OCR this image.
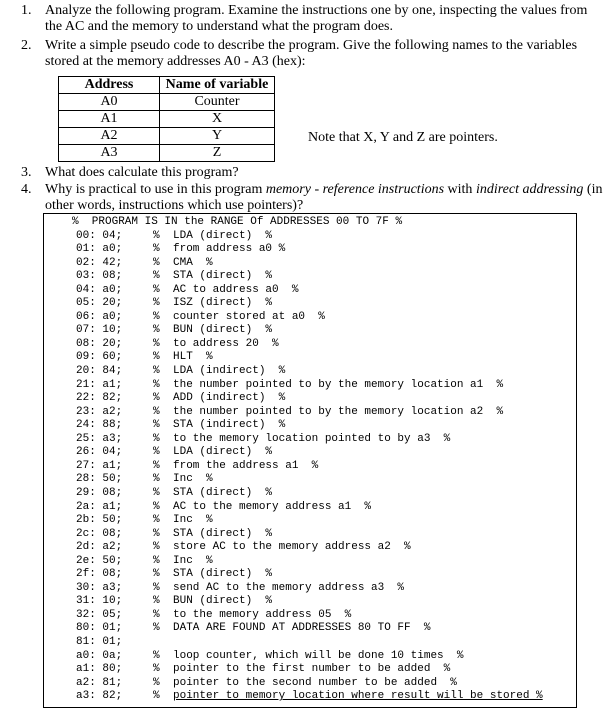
1. Analyze the following program. Examine the instructions one by one, inspecting the values from the AC and the memory to understand what the program does.
2. Write a simple pseudo code to describe the program. Give the following names to the variables stored at the memory addresses A0 - A3 (hex):
Address	Name of variable
A0	Counter
A1	X
A2	Y
A3	Z
Note that X, Y and Z are pointers.
3. What does calculate this program?
4. Why is practical to use in this program memory - reference instructions with indirect addressing (in other words, instructions which use pointers)?
%  PROGRAM IS IN the RANGE Of ADDRESSES 00 TO 7F %
00: 04;	% LDA (direct)  %
01: a0;	% from address a0 %
02: 42;	% CMA  %
03: 08;	% STA (direct)  %
04: a0;	% AC to address a0  %
05: 20;	% ISZ (direct)  %
06: a0;	% counter stored at a0  %
07: 10;	% BUN (direct)  %
08: 20;	% to address 20  %
09: 60;	% HLT  %
20: 84;	% LDA (indirect)  %
21: a1;	% the number pointed to by the memory location a1  %
22: 82;	% ADD (indirect)  %
23: a2;	% the number pointed to by the memory location a2  %
24: 88;	% STA (indirect)  %
25: a3;	% to the memory location pointed to by a3  %
26: 04;	% LDA (direct)  %
27: a1;	% from the address a1  %
28: 50;	% Inc  %
29: 08;	% STA (direct)  %
2a: a1;	% AC to the memory address a1  %
2b: 50;	% Inc  %
2c: 08;	% STA (direct)  %
2d: a2;	% store AC to the memory address a2  %
2e: 50;	% Inc  %
2f: 08;	% STA (direct)  %
30: a3;	% send AC to the memory address a3  %
31: 10;	% BUN (direct)  %
32: 05;	% to the memory address 05  %
80: 01;	% DATA ARE FOUND AT ADDRESSES 80 TO FF  %
81: 01;
a0: 0a;	% loop counter, which will be done 10 times  %
a1: 80;	% pointer to the first number to be added  %
a2: 81;	% pointer to the second number to be added  %
a3: 82;	% pointer to memory location where result will be stored %
